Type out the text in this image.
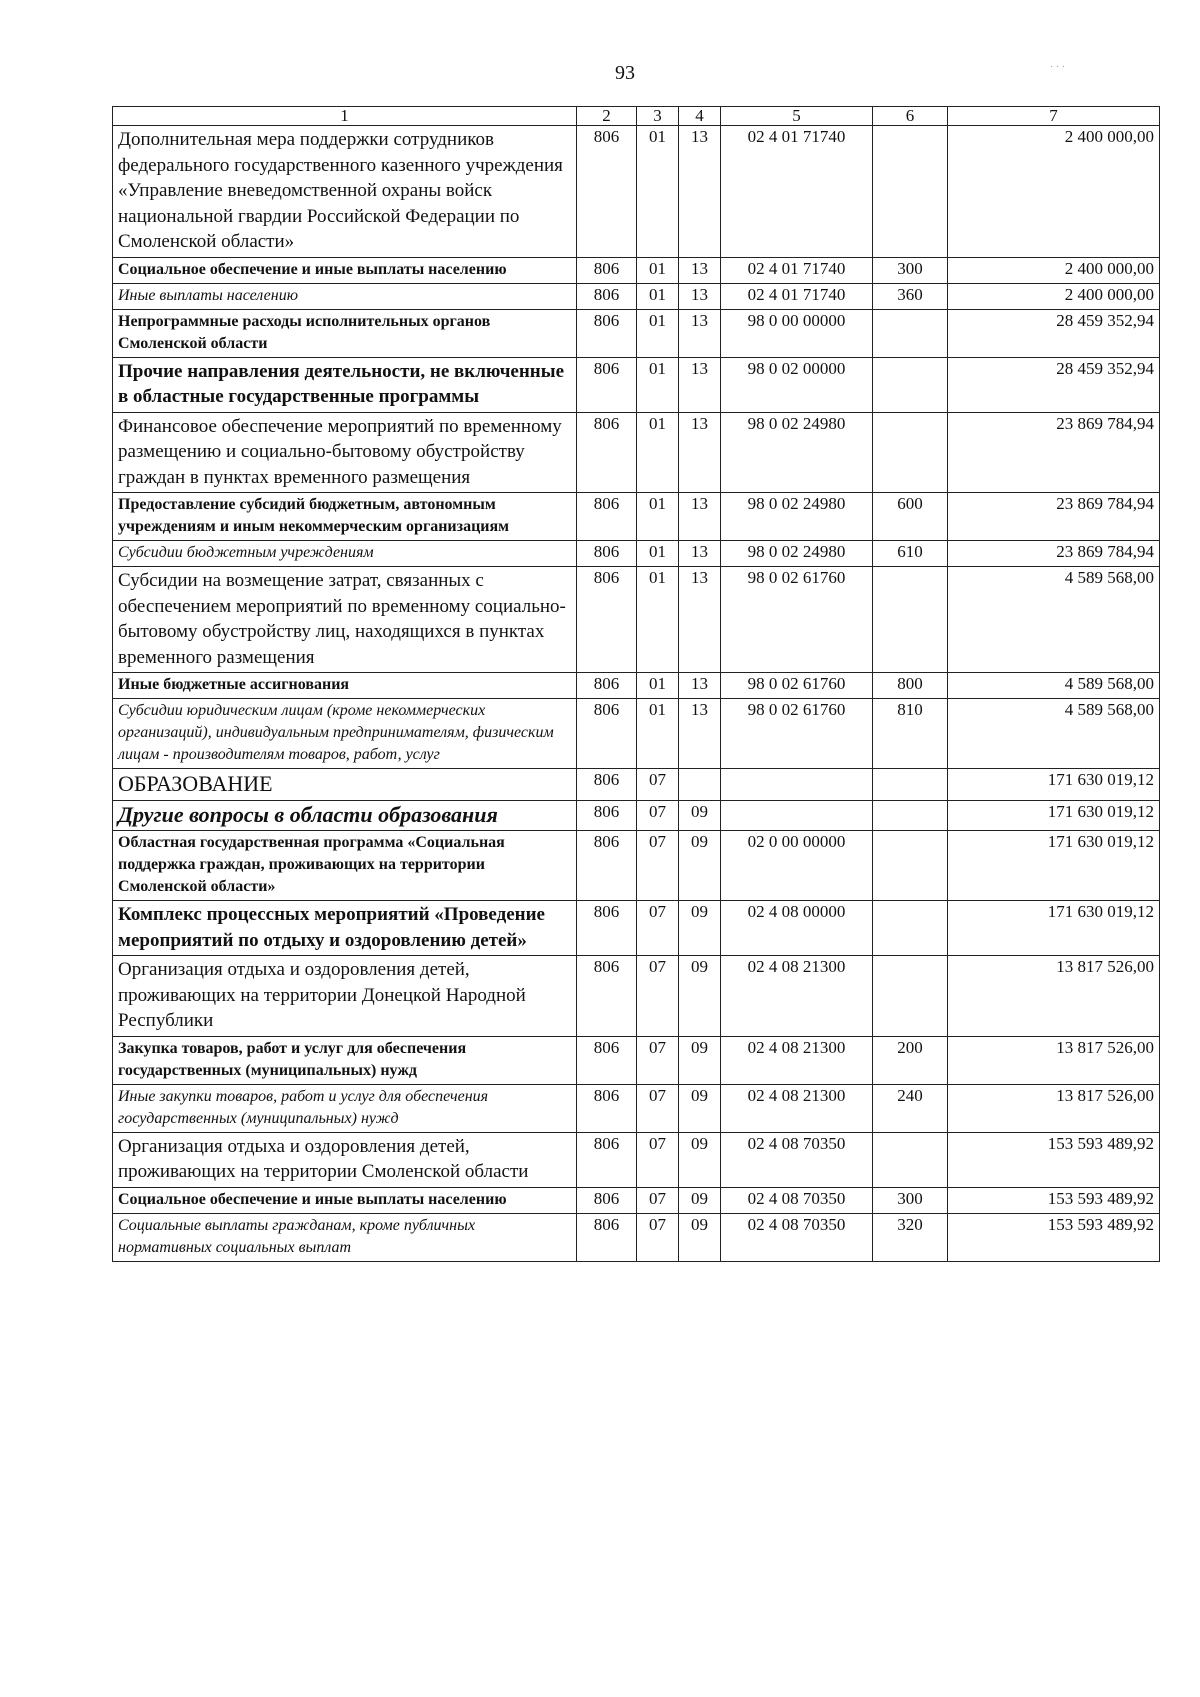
93
1	2	3	4	5	6	7
Дополнительная мера поддержки сотрудников федерального государственного казенного учреждения «Управление вневедомственной охраны войск национальной гвардии Российской Федерации по Смоленской области»	806	01	13	02 4 01 71740		2 400 000,00
Социальное обеспечение и иные выплаты населению	806	01	13	02 4 01 71740	300	2 400 000,00
Иные выплаты населению	806	01	13	02 4 01 71740	360	2 400 000,00
Непрограммные расходы исполнительных органов Смоленской области	806	01	13	98 0 00 00000		28 459 352,94
Прочие направления деятельности, не включенные в областные государственные программы	806	01	13	98 0 02 00000		28 459 352,94
Финансовое обеспечение мероприятий по временному размещению и социально-бытовому обустройству граждан в пунктах временного размещения	806	01	13	98 0 02 24980		23 869 784,94
Предоставление субсидий бюджетным, автономным учреждениям и иным некоммерческим организациям	806	01	13	98 0 02 24980	600	23 869 784,94
Субсидии бюджетным учреждениям	806	01	13	98 0 02 24980	610	23 869 784,94
Субсидии на возмещение затрат, связанных с обеспечением мероприятий по временному социально-бытовому обустройству лиц, находящихся в пунктах временного размещения	806	01	13	98 0 02 61760		4 589 568,00
Иные бюджетные ассигнования	806	01	13	98 0 02 61760	800	4 589 568,00
Субсидии юридическим лицам (кроме некоммерческих организаций), индивидуальным предпринимателям, физическим лицам - производителям товаров, работ, услуг	806	01	13	98 0 02 61760	810	4 589 568,00
ОБРАЗОВАНИЕ	806	07				171 630 019,12
Другие вопросы в области образования	806	07	09			171 630 019,12
Областная государственная программа «Социальная поддержка граждан, проживающих на территории Смоленской области»	806	07	09	02 0 00 00000		171 630 019,12
Комплекс процессных мероприятий «Проведение мероприятий по отдыху и оздоровлению детей»	806	07	09	02 4 08 00000		171 630 019,12
Организация отдыха и оздоровления детей, проживающих на территории Донецкой Народной Республики	806	07	09	02 4 08 21300		13 817 526,00
Закупка товаров, работ и услуг для обеспечения государственных (муниципальных) нужд	806	07	09	02 4 08 21300	200	13 817 526,00
Иные закупки товаров, работ и услуг для обеспечения государственных (муниципальных) нужд	806	07	09	02 4 08 21300	240	13 817 526,00
Организация отдыха и оздоровления детей, проживающих на территории Смоленской области	806	07	09	02 4 08 70350		153 593 489,92
Социальное обеспечение и иные выплаты населению	806	07	09	02 4 08 70350	300	153 593 489,92
Социальные выплаты гражданам, кроме публичных нормативных социальных выплат	806	07	09	02 4 08 70350	320	153 593 489,92
· · ·
